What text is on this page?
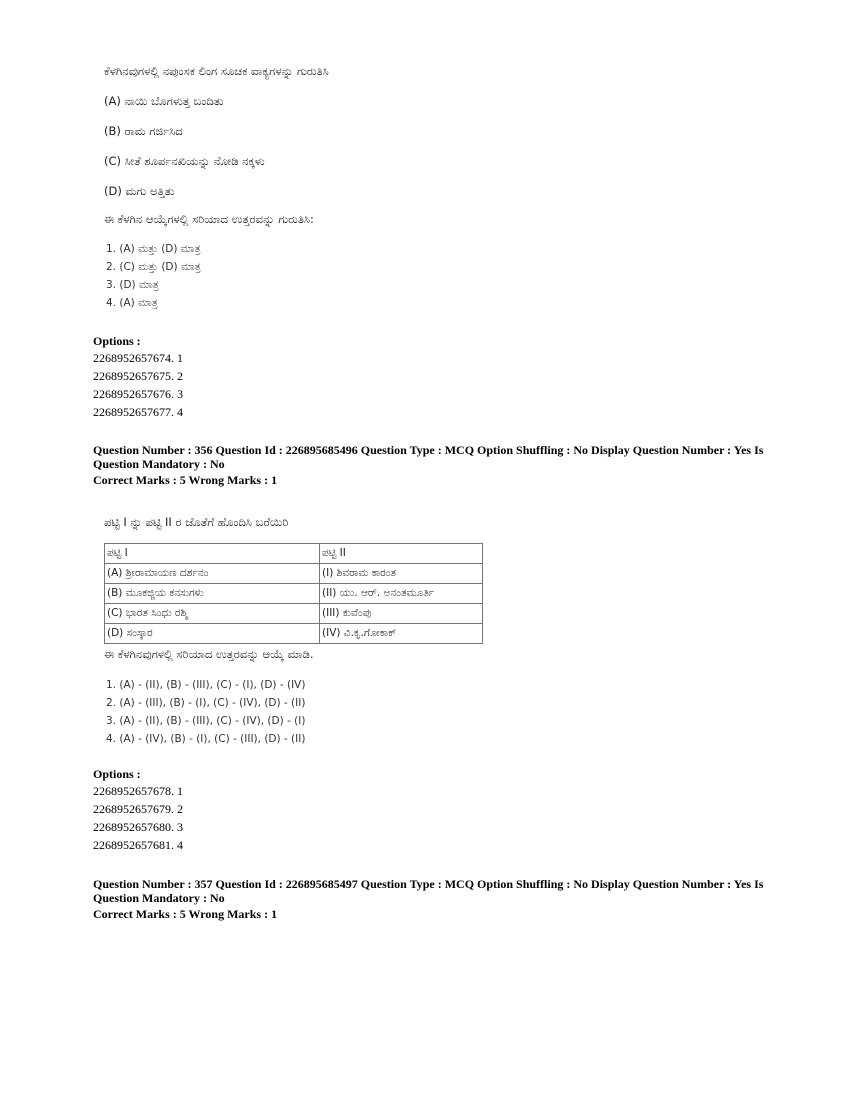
ಕೆಳಗಿನವುಗಳಲ್ಲಿ ನಪುಂಸಕ ಲಿಂಗ ಸೂಚಕ ವಾಕ್ಯಗಳನ್ನು ಗುರುತಿಸಿ
(A) ನಾಯಿ ಬೊಗಳುತ್ತ ಬಂದಿತು
(B) ರಾಮ ಗರ್ಜಿಸಿದ
(C) ಸೀತೆ ಶೂರ್ಪನಖಿಯನ್ನು ನೋಡಿ ನಕ್ಕಳು
(D) ಮಗು ಅತ್ತಿತು
ಈ ಕೆಳಗಿನ ಆಯ್ಕೆಗಳಲ್ಲಿ ಸರಿಯಾದ ಉತ್ತರವನ್ನು ಗುರುತಿಸಿ:
1. (A) ಮತ್ತು (D) ಮಾತ್ರ
2. (C) ಮತ್ತು (D) ಮಾತ್ರ
3. (D) ಮಾತ್ರ
4. (A) ಮಾತ್ರ
Options :
2268952657674. 1
2268952657675. 2
2268952657676. 3
2268952657677. 4
Question Number : 356 Question Id : 226895685496 Question Type : MCQ Option Shuffling : No Display Question Number : Yes Is Question Mandatory : No
Correct Marks : 5 Wrong Marks : 1
ಪಟ್ಟಿ I ನ್ನು ಪಟ್ಟಿ II ರ ಜೊತೆಗೆ ಹೊಂದಿಸಿ ಬರೆಯಿರಿ
ಪಟ್ಟಿ I	ಪಟ್ಟಿ II
(A) ಶ್ರೀರಾಮಾಯಣ ದರ್ಶನಂ	(I) ಶಿವರಾಮ ಕಾರಂತ
(B) ಮೂಕಜ್ಜಿಯ ಕನಸುಗಳು	(II) ಯು. ಆರ್. ಅನಂತಮೂರ್ತಿ
(C) ಭಾರತ ಸಿಂಧು ರಶ್ಮಿ	(III) ಕುವೆಂಪು
(D) ಸಂಸ್ಕಾರ	(IV) ವಿ.ಕೃ.ಗೋಕಾಕ್
ಈ ಕೆಳಗಿನವುಗಳಲ್ಲಿ ಸರಿಯಾದ ಉತ್ತರವನ್ನು ಆಯ್ಕೆ ಮಾಡಿ.
1. (A) - (II), (B) - (III), (C) - (I), (D) - (IV)
2. (A) - (III), (B) - (I), (C) - (IV), (D) - (II)
3. (A) - (II), (B) - (III), (C) - (IV), (D) - (I)
4. (A) - (IV), (B) - (I), (C) - (III), (D) - (II)
Options :
2268952657678. 1
2268952657679. 2
2268952657680. 3
2268952657681. 4
Question Number : 357 Question Id : 226895685497 Question Type : MCQ Option Shuffling : No Display Question Number : Yes Is Question Mandatory : No
Correct Marks : 5 Wrong Marks : 1
